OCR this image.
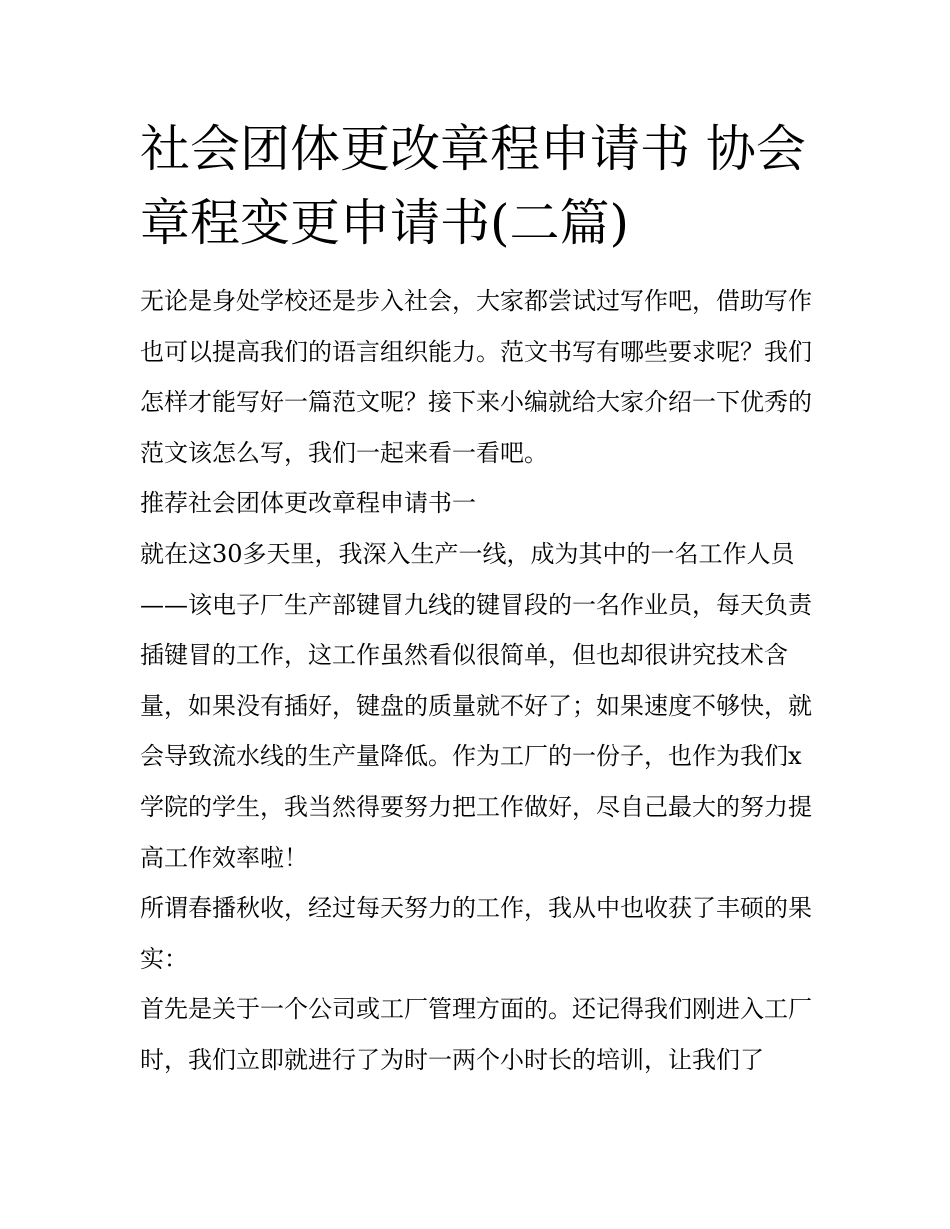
社会团体更改章程申请书 协会章程变更申请书(二篇)

无论是身处学校还是步入社会，大家都尝试过写作吧，借助写作也可以提高我们的语言组织能力。范文书写有哪些要求呢？我们怎样才能写好一篇范文呢？接下来小编就给大家介绍一下优秀的范文该怎么写，我们一起来看一看吧。

推荐社会团体更改章程申请书一

就在这30多天里，我深入生产一线，成为其中的一名工作人员——该电子厂生产部键冒九线的键冒段的一名作业员，每天负责插键冒的工作，这工作虽然看似很简单，但也却很讲究技术含量，如果没有插好，键盘的质量就不好了；如果速度不够快，就会导致流水线的生产量降低。作为工厂的一份子，也作为我们x学院的学生，我当然得要努力把工作做好，尽自己最大的努力提高工作效率啦！

所谓春播秋收，经过每天努力的工作，我从中也收获了丰硕的果实：

首先是关于一个公司或工厂管理方面的。还记得我们刚进入工厂时，我们立即就进行了为时一两个小时长的培训，让我们了
